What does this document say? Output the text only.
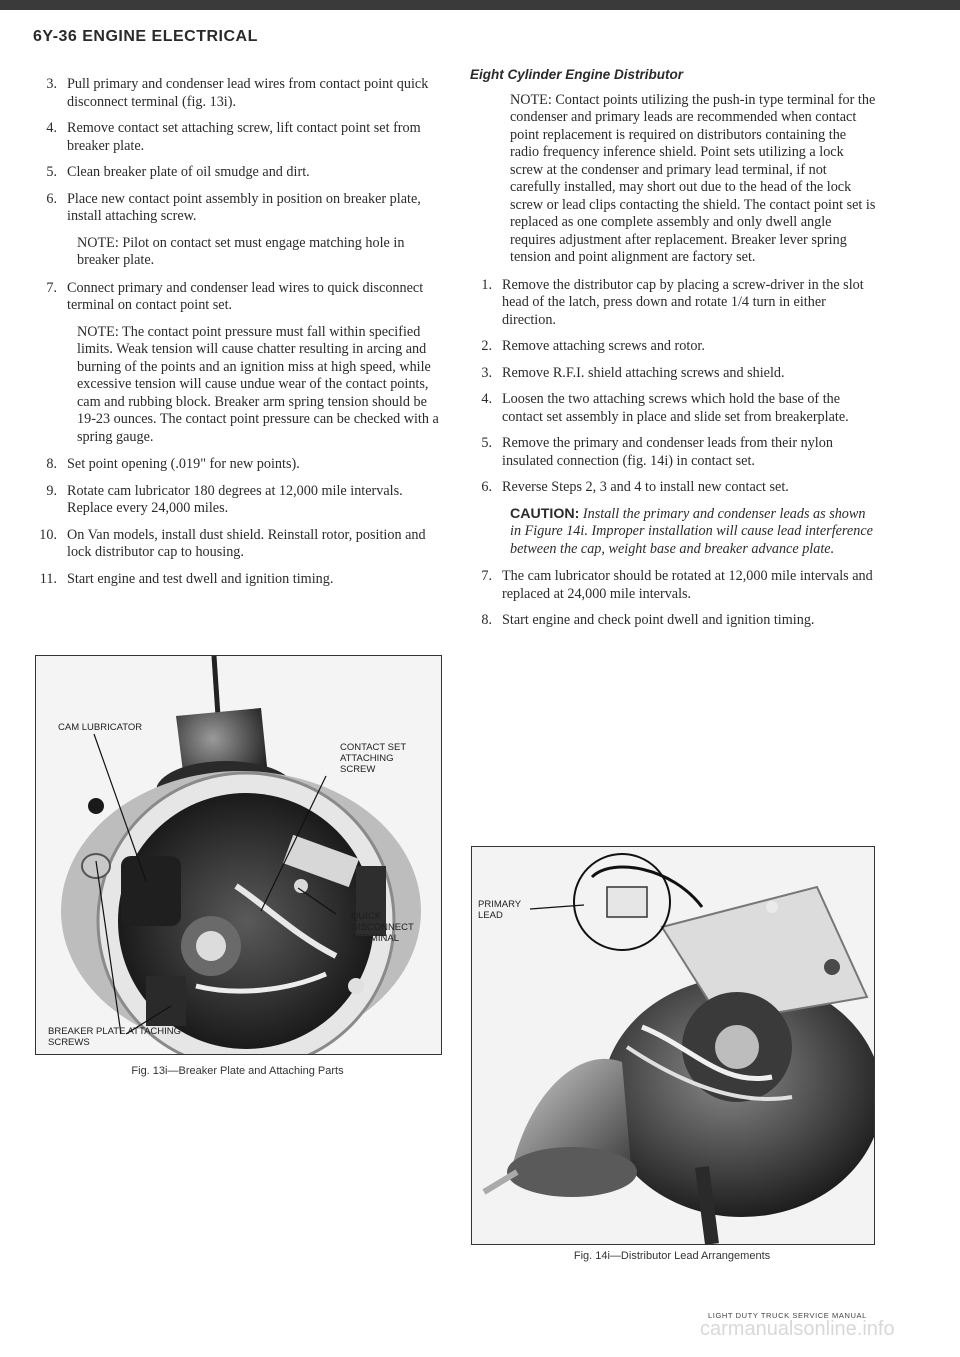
6Y-36 ENGINE ELECTRICAL
3. Pull primary and condenser lead wires from contact point quick disconnect terminal (fig. 13i).
4. Remove contact set attaching screw, lift contact point set from breaker plate.
5. Clean breaker plate of oil smudge and dirt.
6. Place new contact point assembly in position on breaker plate, install attaching screw.
NOTE: Pilot on contact set must engage matching hole in breaker plate.
7. Connect primary and condenser lead wires to quick disconnect terminal on contact point set.
NOTE: The contact point pressure must fall within specified limits. Weak tension will cause chatter resulting in arcing and burning of the points and an ignition miss at high speed, while excessive tension will cause undue wear of the contact points, cam and rubbing block. Breaker arm spring tension should be 19-23 ounces. The contact point pressure can be checked with a spring gauge.
8. Set point opening (.019" for new points).
9. Rotate cam lubricator 180 degrees at 12,000 mile intervals. Replace every 24,000 miles.
10. On Van models, install dust shield. Reinstall rotor, position and lock distributor cap to housing.
11. Start engine and test dwell and ignition timing.
CAM LUBRICATOR
CONTACT SET ATTACHING SCREW
QUICK DISCONNECT TERMINAL
BREAKER PLATE ATTACHING SCREWS
Fig. 13i—Breaker Plate and Attaching Parts
Eight Cylinder Engine Distributor
NOTE: Contact points utilizing the push-in type terminal for the condenser and primary leads are recommended when contact point replacement is required on distributors containing the radio frequency inference shield. Point sets utilizing a lock screw at the condenser and primary lead terminal, if not carefully installed, may short out due to the head of the lock screw or lead clips contacting the shield. The contact point set is replaced as one complete assembly and only dwell angle requires adjustment after replacement. Breaker lever spring tension and point alignment are factory set.
1. Remove the distributor cap by placing a screw-driver in the slot head of the latch, press down and rotate 1/4 turn in either direction.
2. Remove attaching screws and rotor.
3. Remove R.F.I. shield attaching screws and shield.
4. Loosen the two attaching screws which hold the base of the contact set assembly in place and slide set from breakerplate.
5. Remove the primary and condenser leads from their nylon insulated connection (fig. 14i) in contact set.
6. Reverse Steps 2, 3 and 4 to install new contact set.
CAUTION: Install the primary and condenser leads as shown in Figure 14i. Improper installation will cause lead interference between the cap, weight base and breaker advance plate.
7. The cam lubricator should be rotated at 12,000 mile intervals and replaced at 24,000 mile intervals.
8. Start engine and check point dwell and ignition timing.
PRIMARY LEAD
Fig. 14i—Distributor Lead Arrangements
LIGHT DUTY TRUCK SERVICE MANUAL
carmanualsonline.info
